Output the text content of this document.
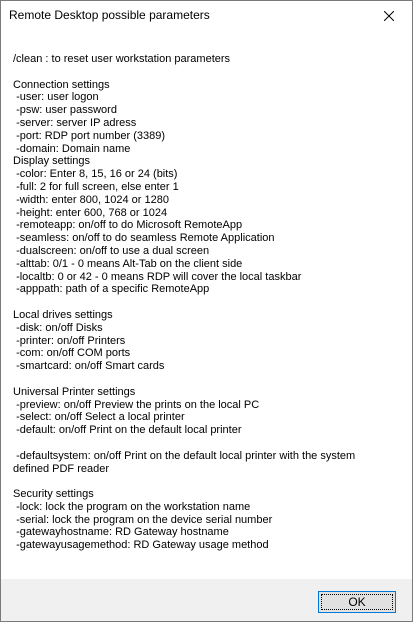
Remote Desktop possible parameters
/clean : to reset user workstation parameters
Connection settings
-user: user logon
-psw: user password
-server: server IP adress
-port: RDP port number (3389)
-domain: Domain name
Display settings
-color: Enter 8, 15, 16 or 24 (bits)
-full: 2 for full screen, else enter 1
-width: enter 800, 1024 or 1280
-height: enter 600, 768 or 1024
-remoteapp: on/off to do Microsoft RemoteApp
-seamless: on/off to do seamless Remote Application
-dualscreen: on/off to use a dual screen
-alttab: 0/1 - 0 means Alt-Tab on the client side
-localtb: 0 or 42 - 0 means RDP will cover the local taskbar
-apppath: path of a specific RemoteApp
Local drives settings
-disk: on/off Disks
-printer: on/off Printers
-com: on/off COM ports
-smartcard: on/off Smart cards
Universal Printer settings
-preview: on/off Preview the prints on the local PC
-select: on/off Select a local printer
-default: on/off Print on the default local printer
-defaultsystem: on/off Print on the default local printer with the system
defined PDF reader
Security settings
-lock: lock the program on the workstation name
-serial: lock the program on the device serial number
-gatewayhostname: RD Gateway hostname
-gatewayusagemethod: RD Gateway usage method
OK
